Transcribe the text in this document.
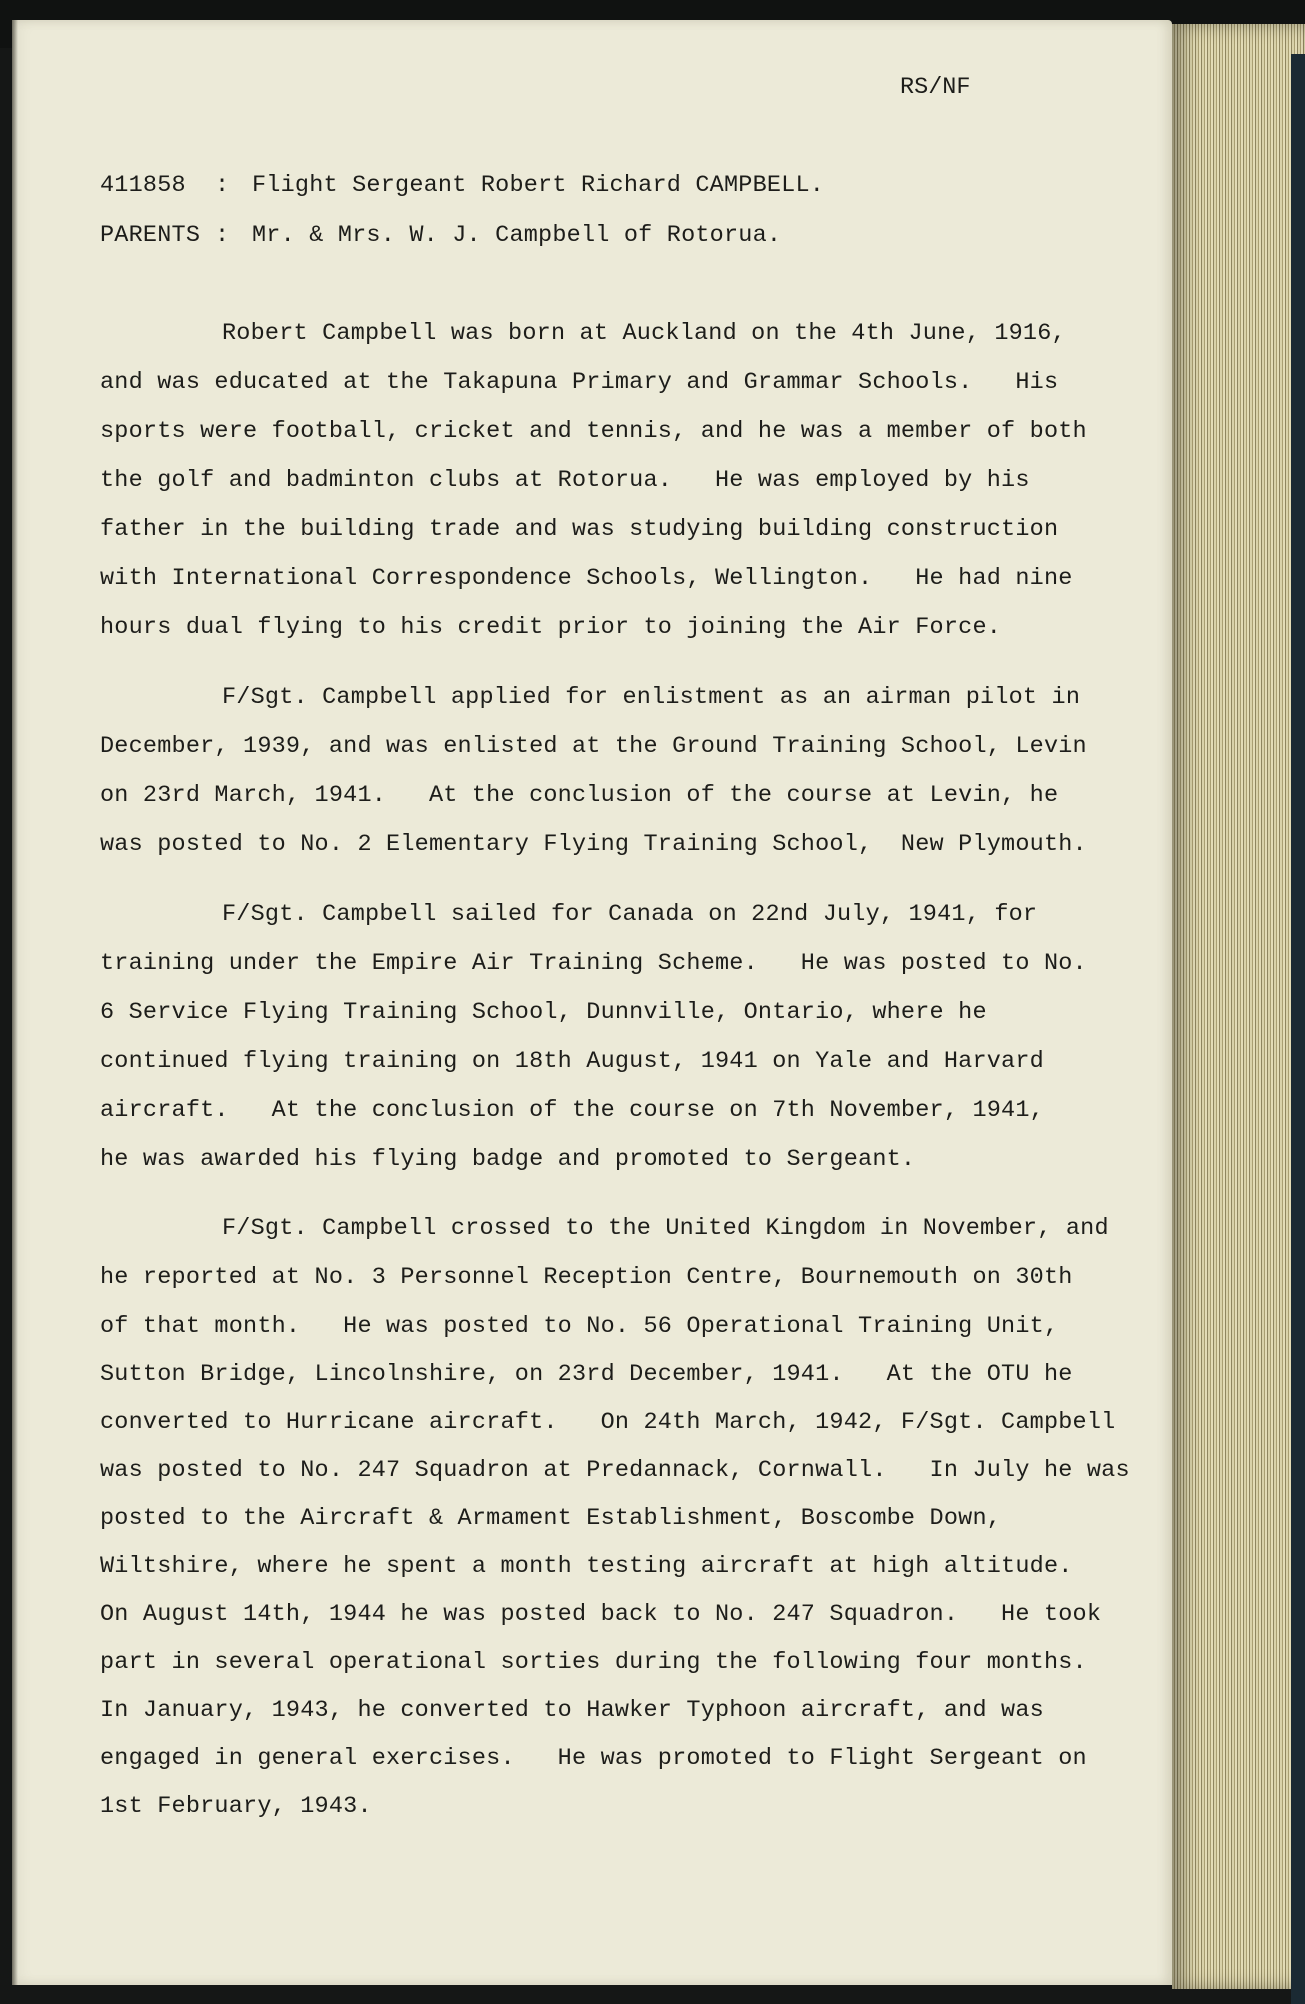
RS/NF

411858 : Flight Sergeant Robert Richard CAMPBELL.

PARENTS : Mr. & Mrs. W. J. Campbell of Rotorua.

Robert Campbell was born at Auckland on the 4th June, 1916,

and was educated at the Takapuna Primary and Grammar Schools.   His

sports were football, cricket and tennis, and he was a member of both

the golf and badminton clubs at Rotorua.   He was employed by his

father in the building trade and was studying building construction

with International Correspondence Schools, Wellington.   He had nine

hours dual flying to his credit prior to joining the Air Force.

F/Sgt. Campbell applied for enlistment as an airman pilot in

December, 1939, and was enlisted at the Ground Training School, Levin

on 23rd March, 1941.   At the conclusion of the course at Levin, he

was posted to No. 2 Elementary Flying Training School,  New Plymouth.

F/Sgt. Campbell sailed for Canada on 22nd July, 1941, for

training under the Empire Air Training Scheme.   He was posted to No.

6 Service Flying Training School, Dunnville, Ontario, where he

continued flying training on 18th August, 1941 on Yale and Harvard

aircraft.   At the conclusion of the course on 7th November, 1941,

he was awarded his flying badge and promoted to Sergeant.

F/Sgt. Campbell crossed to the United Kingdom in November, and

he reported at No. 3 Personnel Reception Centre, Bournemouth on 30th

of that month.   He was posted to No. 56 Operational Training Unit,

Sutton Bridge, Lincolnshire, on 23rd December, 1941.   At the OTU he

converted to Hurricane aircraft.   On 24th March, 1942, F/Sgt. Campbell

was posted to No. 247 Squadron at Predannack, Cornwall.   In July he was

posted to the Aircraft & Armament Establishment, Boscombe Down,

Wiltshire, where he spent a month testing aircraft at high altitude.

On August 14th, 1944 he was posted back to No. 247 Squadron.   He took

part in several operational sorties during the following four months.

In January, 1943, he converted to Hawker Typhoon aircraft, and was

engaged in general exercises.   He was promoted to Flight Sergeant on

1st February, 1943.
